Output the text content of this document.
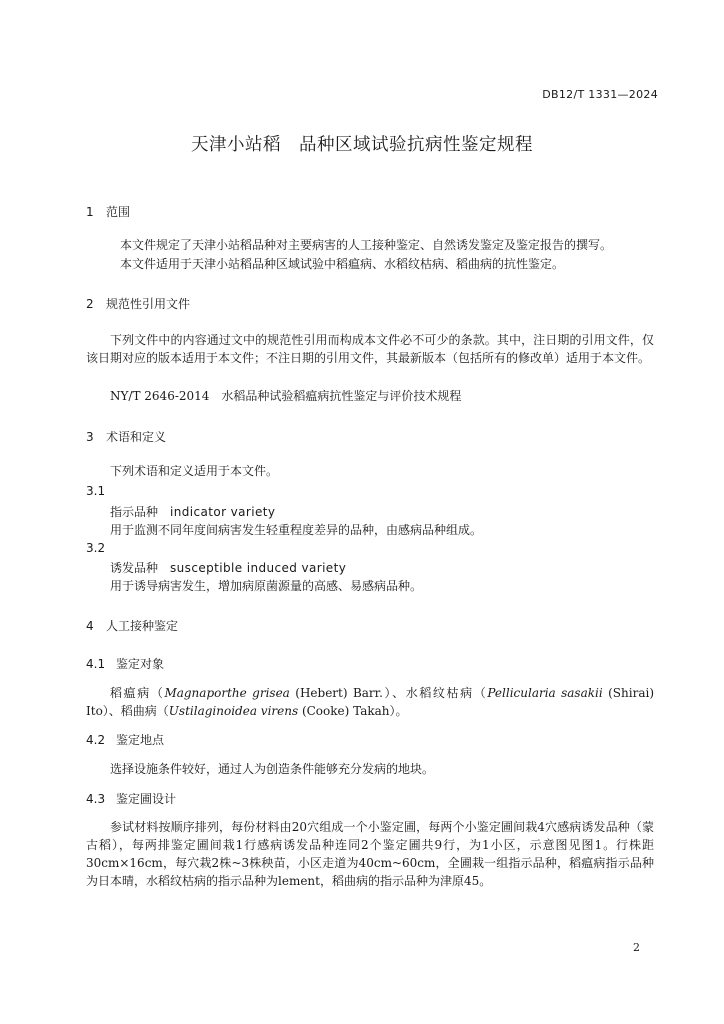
DB12/T 1331—2024
天津小站稻　品种区域试验抗病性鉴定规程
1 范围
本文件规定了天津小站稻品种对主要病害的人工接种鉴定、自然诱发鉴定及鉴定报告的撰写。
本文件适用于天津小站稻品种区域试验中稻瘟病、水稻纹枯病、稻曲病的抗性鉴定。
2 规范性引用文件
下列文件中的内容通过文中的规范性引用而构成本文件必不可少的条款。其中，注日期的引用文件，仅该日期对应的版本适用于本文件；不注日期的引用文件，其最新版本（包括所有的修改单）适用于本文件。
NY/T 2646-2014　水稻品种试验稻瘟病抗性鉴定与评价技术规程
3 术语和定义
下列术语和定义适用于本文件。
3.1
指示品种 indicator variety
用于监测不同年度间病害发生轻重程度差异的品种，由感病品种组成。
3.2
诱发品种 susceptible induced variety
用于诱导病害发生，增加病原菌源量的高感、易感病品种。
4 人工接种鉴定
4.1 鉴定对象
稻瘟病（Magnaporthe grisea (Hebert) Barr.）、水稻纹枯病（Pellicularia sasakii (Shirai) Ito）、稻曲病（Ustilaginoidea virens (Cooke) Takah）。
4.2 鉴定地点
选择设施条件较好，通过人为创造条件能够充分发病的地块。
4.3 鉴定圃设计
参试材料按顺序排列，每份材料由20穴组成一个小鉴定圃，每两个小鉴定圃间栽4穴感病诱发品种（蒙古稻），每两排鉴定圃间栽1行感病诱发品种连同2个鉴定圃共9行，为1小区，示意图见图1。行株距30cm×16cm，每穴栽2株~3株秧苗，小区走道为40cm~60cm，全圃栽一组指示品种，稻瘟病指示品种为日本晴，水稻纹枯病的指示品种为lement，稻曲病的指示品种为津原45。
2
